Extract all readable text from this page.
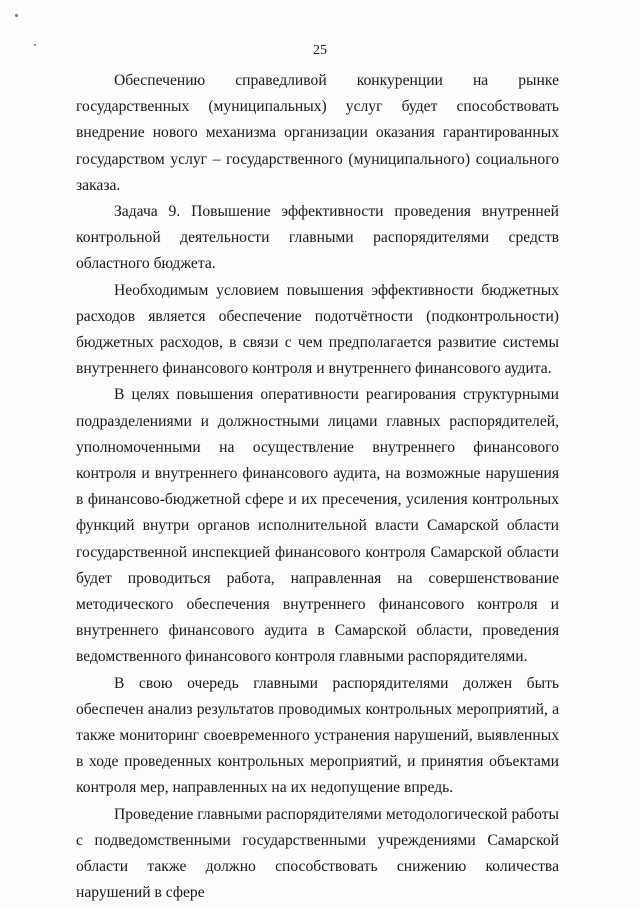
25

Обеспечению справедливой конкуренции на рынке государственных (муниципальных) услуг будет способствовать внедрение нового механизма организации оказания гарантированных государством услуг – государственного (муниципального) социального заказа.

Задача 9. Повышение эффективности проведения внутренней контрольной деятельности главными распорядителями средств областного бюджета.

Необходимым условием повышения эффективности бюджетных расходов является обеспечение подотчётности (подконтрольности) бюджетных расходов, в связи с чем предполагается развитие системы внутреннего финансового контроля и внутреннего финансового аудита.

В целях повышения оперативности реагирования структурными подразделениями и должностными лицами главных распорядителей, уполномоченными на осуществление внутреннего финансового контроля и внутреннего финансового аудита, на возможные нарушения в финансово-бюджетной сфере и их пресечения, усиления контрольных функций внутри органов исполнительной власти Самарской области государственной инспекцией финансового контроля Самарской области будет проводиться работа, направленная на совершенствование методического обеспечения внутреннего финансового контроля и внутреннего финансового аудита в Самарской области, проведения ведомственного финансового контроля главными распорядителями.

В свою очередь главными распорядителями должен быть обеспечен анализ результатов проводимых контрольных мероприятий, а также мониторинг своевременного устранения нарушений, выявленных в ходе проведенных контрольных мероприятий, и принятия объектами контроля мер, направленных на их недопущение впредь.

Проведение главными распорядителями методологической работы с подведомственными государственными учреждениями Самарской области также должно способствовать снижению количества нарушений в сфере
